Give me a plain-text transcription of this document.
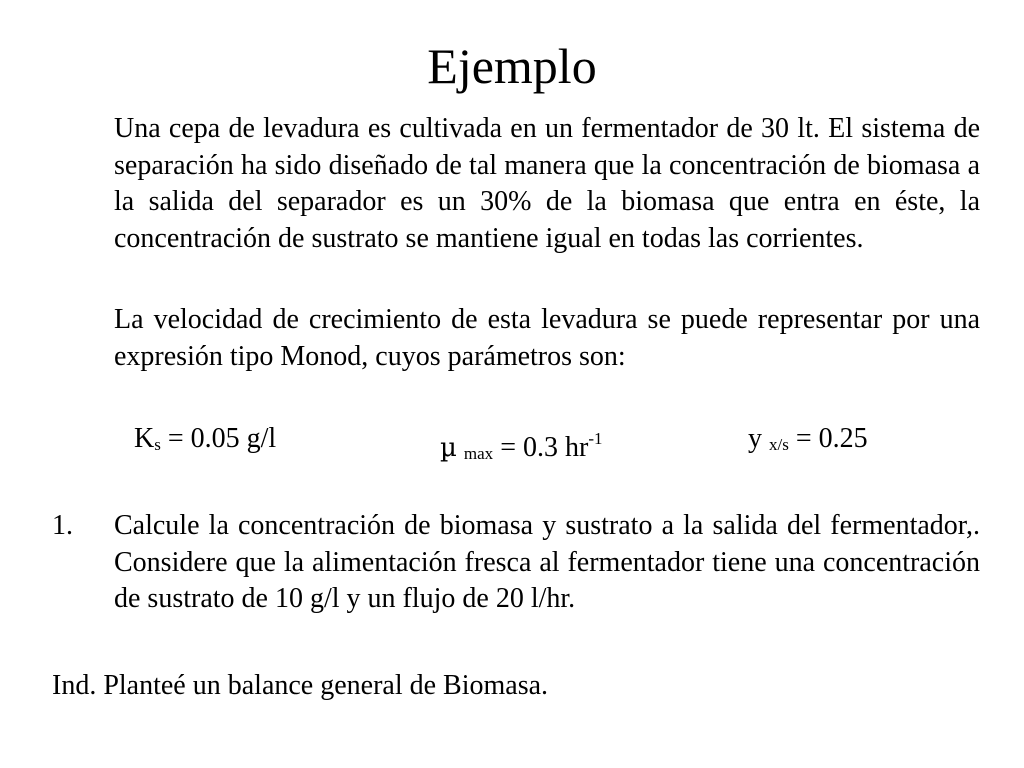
Ejemplo
Una cepa de levadura es cultivada en un fermentador de 30 lt. El sistema de separación ha sido diseñado de tal manera que la concentración de biomasa a la salida del separador es un 30% de la biomasa que entra en éste, la concentración de sustrato se mantiene igual en todas las corrientes.
La velocidad de crecimiento de esta levadura se puede representar por una expresión tipo Monod, cuyos parámetros son:
Ks = 0.05 g/l	µ max = 0.3 $hr^{-1}$	y x/s = 0.25
1. Calcule la concentración de biomasa y sustrato a la salida del fermentador,. Considere que la alimentación fresca al fermentador tiene una concentración de sustrato de 10 g/l y un flujo de 20 l/hr.
Ind. Planteé un balance general de Biomasa.
